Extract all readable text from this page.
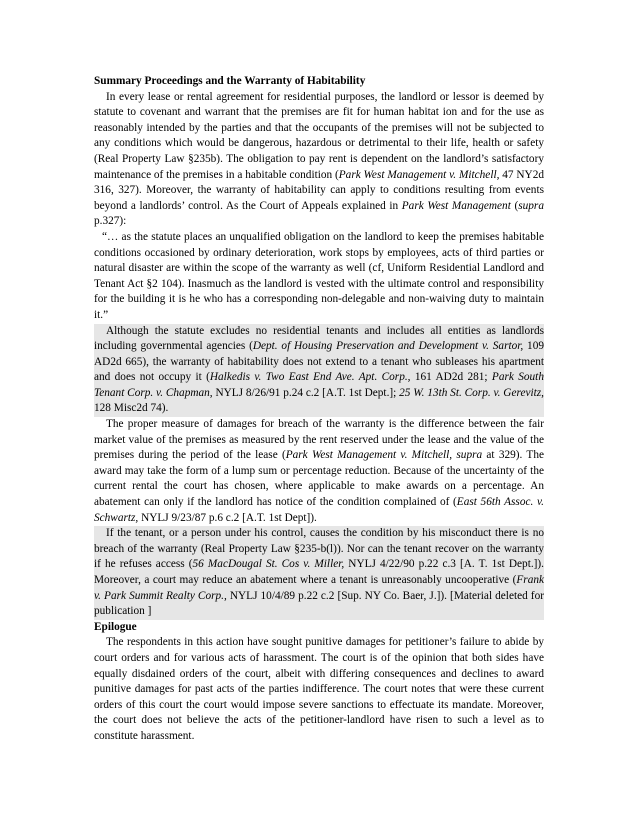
Summary Proceedings and the Warranty of Habitability

In every lease or rental agreement for residential purposes, the landlord or lessor is deemed by statute to covenant and warrant that the premises are fit for human habitat ion and for the use as reasonably intended by the parties and that the occupants of the premises will not be subjected to any conditions which would be dangerous, hazardous or detrimental to their life, health or safety (Real Property Law §235b). The obligation to pay rent is dependent on the landlord’s satisfactory maintenance of the premises in a habitable condition (Park West Management v. Mitchell, 47 NY2d 316, 327). Moreover, the warranty of habitability can apply to conditions resulting from events beyond a landlords’ control. As the Court of Appeals explained in Park West Management (supra p.327):

“… as the statute places an unqualified obligation on the landlord to keep the premises habitable conditions occasioned by ordinary deterioration, work stops by employees, acts of third parties or natural disaster are within the scope of the warranty as well (cf, Uniform Residential Landlord and Tenant Act §2 104). Inasmuch as the landlord is vested with the ultimate control and responsibility for the building it is he who has a corresponding non-delegable and non-waiving duty to maintain it.”

Although the statute excludes no residential tenants and includes all entities as landlords including governmental agencies (Dept. of Housing Preservation and Development v. Sartor, 109 AD2d 665), the warranty of habitability does not extend to a tenant who subleases his apartment and does not occupy it (Halkedis v. Two East End Ave. Apt. Corp., 161 AD2d 281; Park South Tenant Corp. v. Chapman, NYLJ 8/26/91 p.24 c.2 [A.T. 1st Dept.]; 25 W. 13th St. Corp. v. Gerevitz, 128 Misc2d 74).

The proper measure of damages for breach of the warranty is the difference between the fair market value of the premises as measured by the rent reserved under the lease and the value of the premises during the period of the lease (Park West Management v. Mitchell, supra at 329). The award may take the form of a lump sum or percentage reduction. Because of the uncertainty of the current rental the court has chosen, where applicable to make awards on a percentage. An abatement can only if the landlord has notice of the condition complained of (East 56th Assoc. v. Schwartz, NYLJ 9/23/87 p.6 c.2 [A.T. 1st Dept]).

If the tenant, or a person under his control, causes the condition by his misconduct there is no breach of the warranty (Real Property Law §235-b(l)). Nor can the tenant recover on the warranty if he refuses access (56 MacDougal St. Cos v. Miller, NYLJ 4/22/90 p.22 c.3 [A. T. 1st Dept.]). Moreover, a court may reduce an abatement where a tenant is unreasonably uncooperative (Frank v. Park Summit Realty Corp., NYLJ 10/4/89 p.22 c.2 [Sup. NY Co. Baer, J.]). [Material deleted for publication ]

Epilogue

The respondents in this action have sought punitive damages for petitioner’s failure to abide by court orders and for various acts of harassment. The court is of the opinion that both sides have equally disdained orders of the court, albeit with differing consequences and declines to award punitive damages for past acts of the parties indifference. The court notes that were these current orders of this court the court would impose severe sanctions to effectuate its mandate. Moreover, the court does not believe the acts of the petitioner-landlord have risen to such a level as to constitute harassment.
